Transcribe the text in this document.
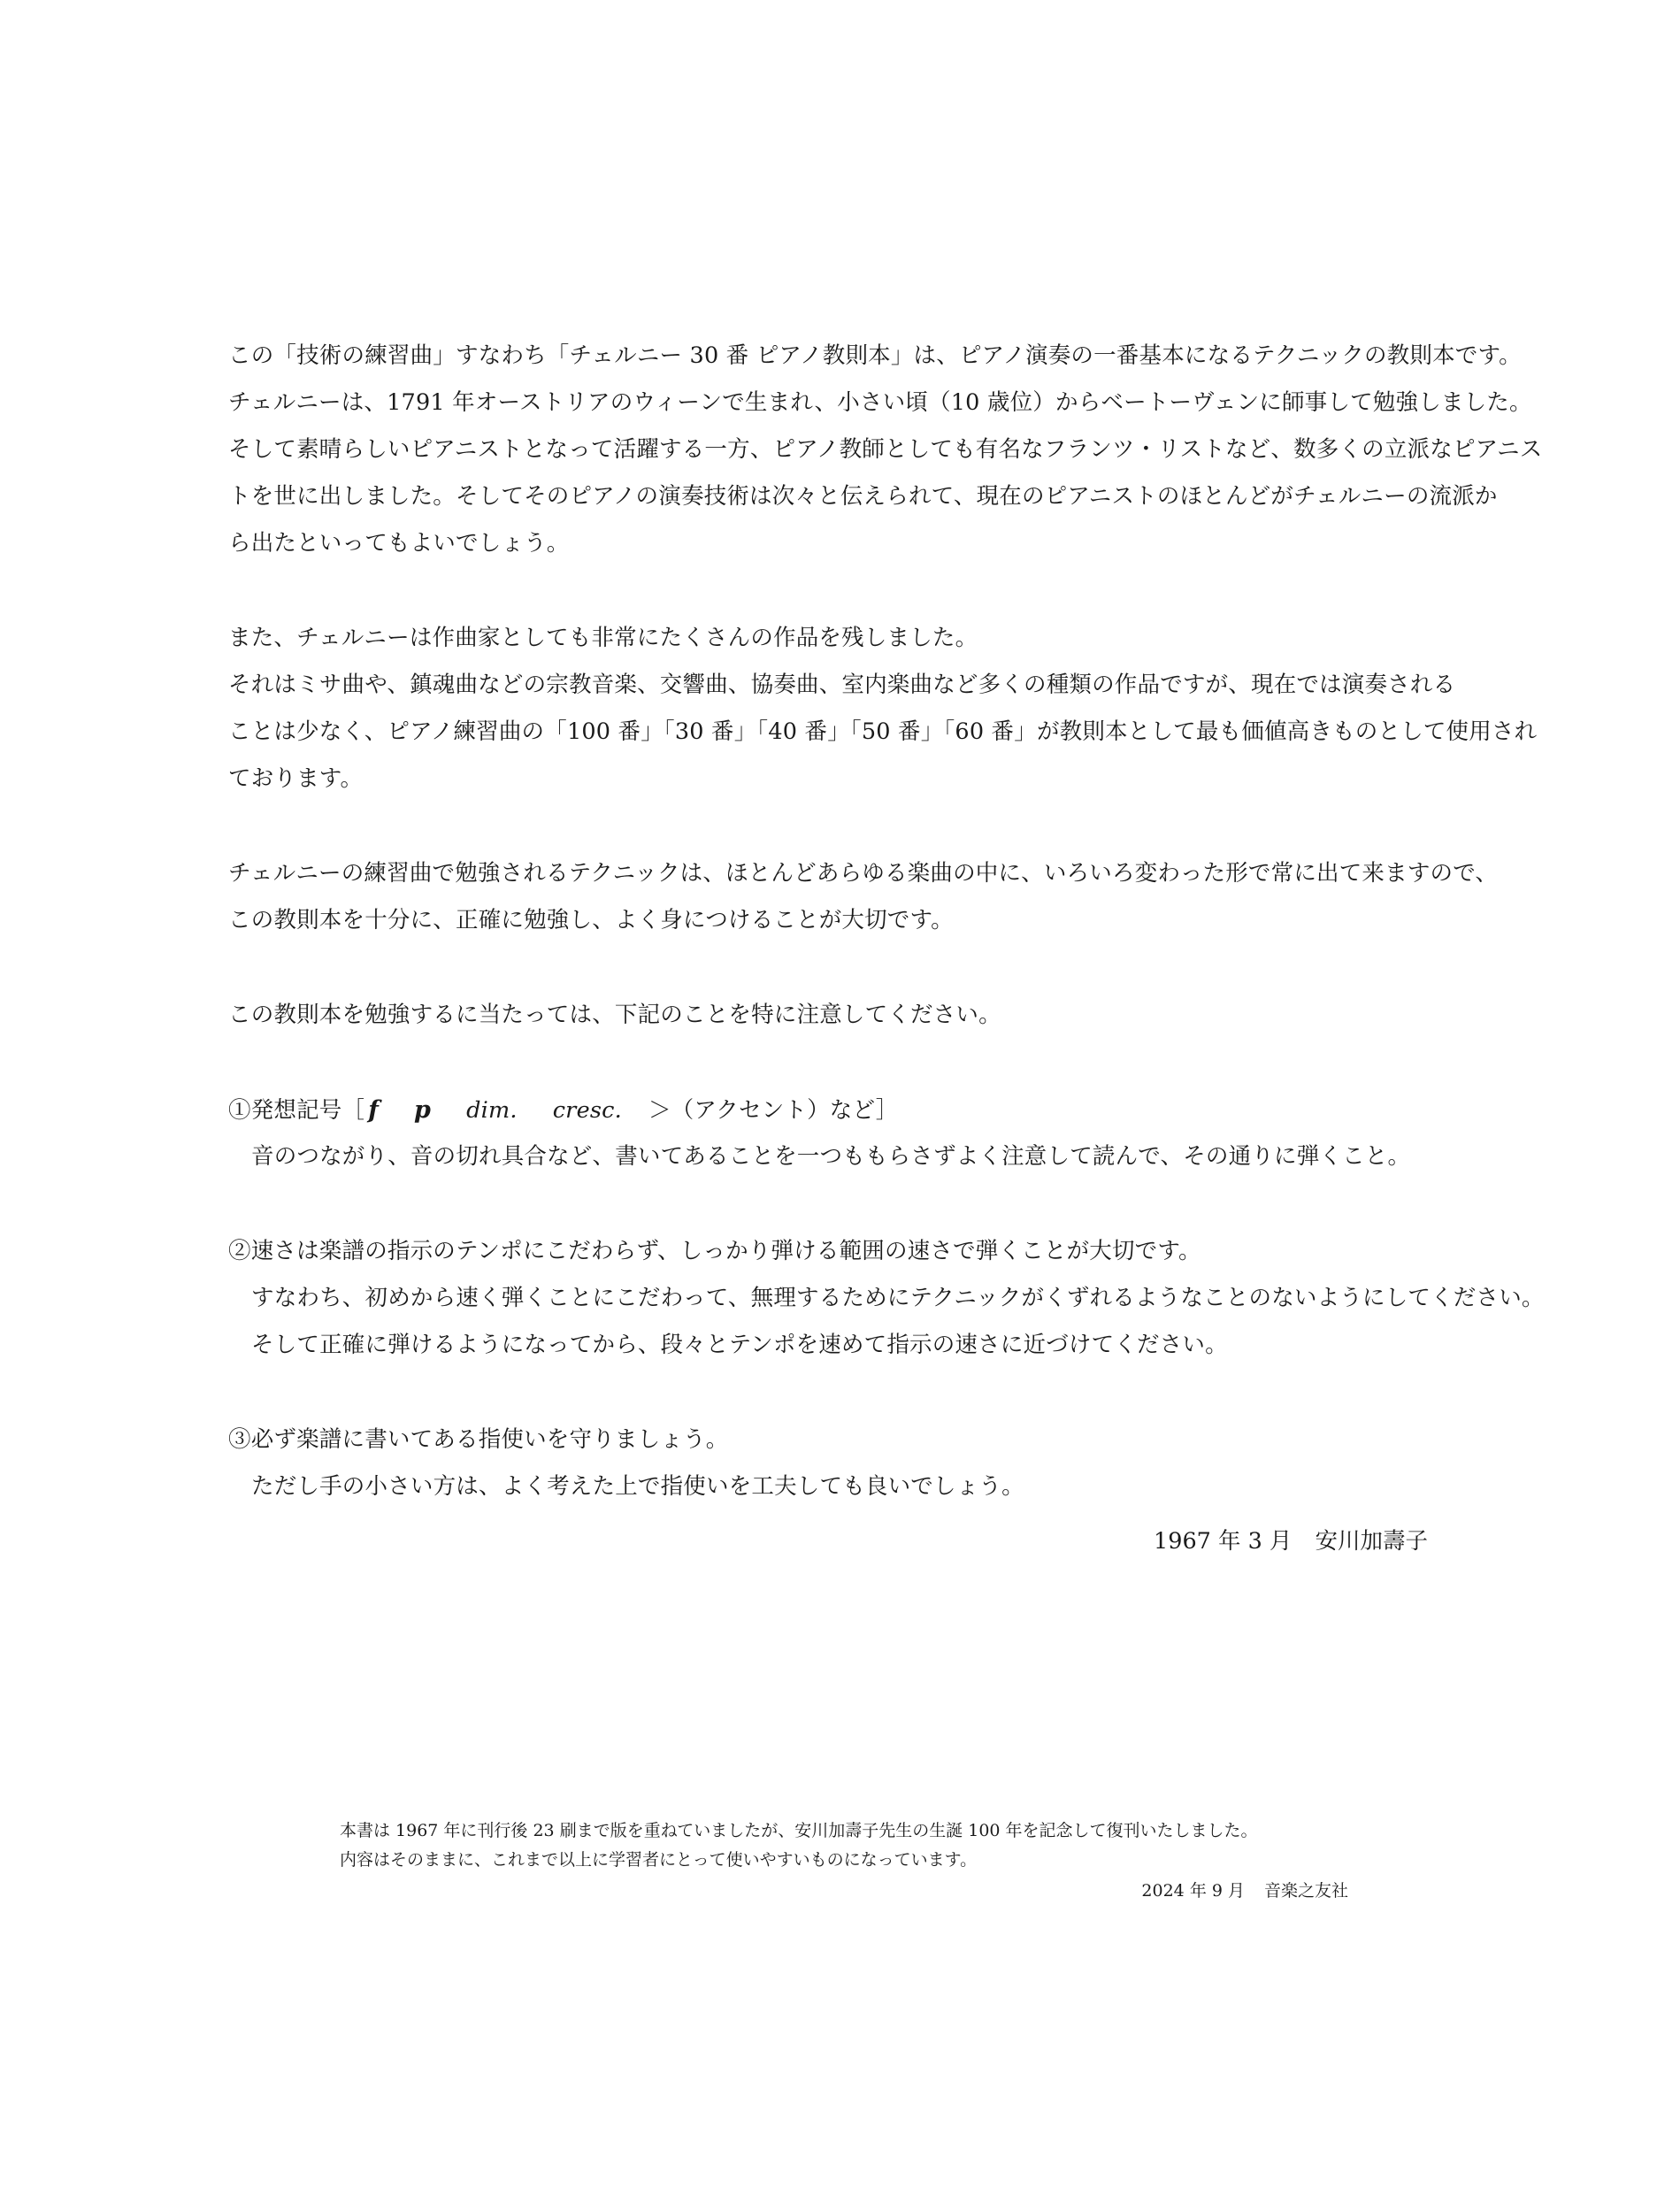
この「技術の練習曲」すなわち「チェルニー 30 番 ピアノ教則本」は、ピアノ演奏の一番基本になるテクニックの教則本です。
チェルニーは、1791 年オーストリアのウィーンで生まれ、小さい頃（10 歳位）からベートーヴェンに師事して勉強しました。
そして素晴らしいピアニストとなって活躍する一方、ピアノ教師としても有名なフランツ・リストなど、数多くの立派なピアニス
トを世に出しました。そしてそのピアノの演奏技術は次々と伝えられて、現在のピアニストのほとんどがチェルニーの流派か
ら出たといってもよいでしょう。
また、チェルニーは作曲家としても非常にたくさんの作品を残しました。
それはミサ曲や、鎮魂曲などの宗教音楽、交響曲、協奏曲、室内楽曲など多くの種類の作品ですが、現在では演奏される
ことは少なく、ピアノ練習曲の「100 番」「30 番」「40 番」「50 番」「60 番」が教則本として最も価値高きものとして使用され
ております。
チェルニーの練習曲で勉強されるテクニックは、ほとんどあらゆる楽曲の中に、いろいろ変わった形で常に出て来ますので、
この教則本を十分に、正確に勉強し、よく身につけることが大切です。
この教則本を勉強するに当たっては、下記のことを特に注意してください。
①発想記号［ f p dim. cresc. ＞（アクセント）など］
音のつながり、音の切れ具合など、書いてあることを一つももらさずよく注意して読んで、その通りに弾くこと。
②速さは楽譜の指示のテンポにこだわらず、しっかり弾ける範囲の速さで弾くことが大切です。
すなわち、初めから速く弾くことにこだわって、無理するためにテクニックがくずれるようなことのないようにしてください。
そして正確に弾けるようになってから、段々とテンポを速めて指示の速さに近づけてください。
③必ず楽譜に書いてある指使いを守りましょう。
ただし手の小さい方は、よく考えた上で指使いを工夫しても良いでしょう。
1967 年 3 月 安川加壽子
本書は 1967 年に刊行後 23 刷まで版を重ねていましたが、安川加壽子先生の生誕 100 年を記念して復刊いたしました。
内容はそのままに、これまで以上に学習者にとって使いやすいものになっています。
2024 年 9 月 音楽之友社
